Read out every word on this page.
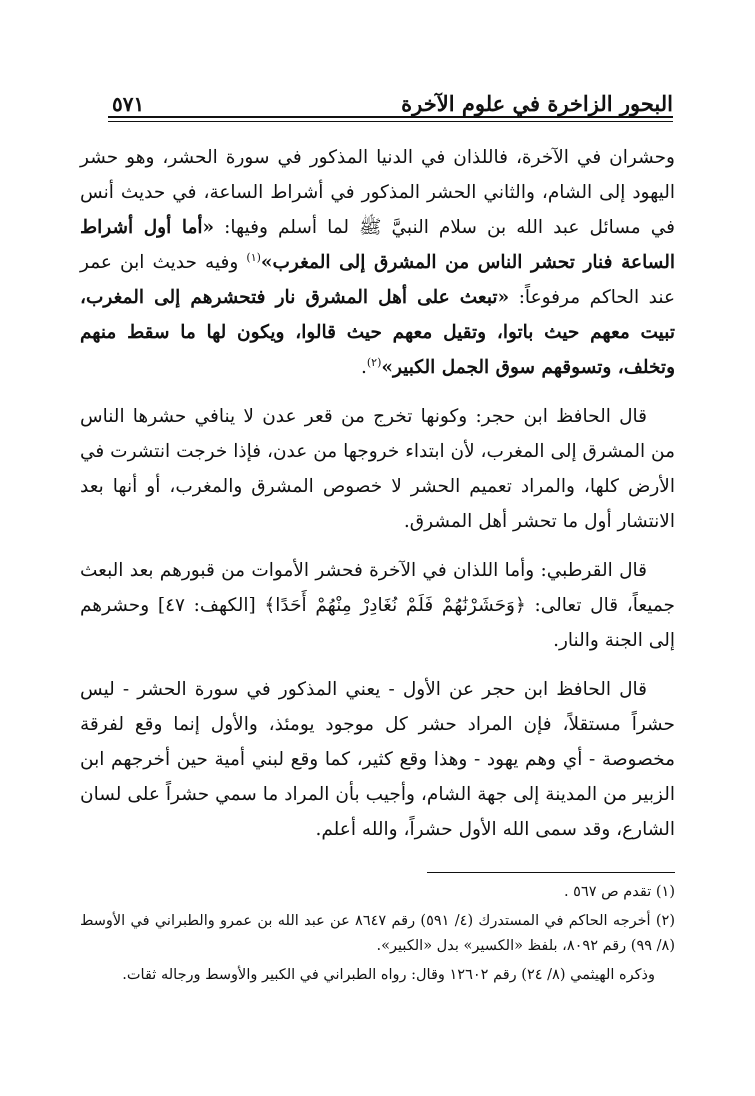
البحور الزاخرة في علوم الآخرة
٥٧١

وحشران في الآخرة، فاللذان في الدنيا المذكور في سورة الحشر، وهو حشر اليهود إلى الشام، والثاني الحشر المذكور في أشراط الساعة، في حديث أنس في مسائل عبد الله بن سلام النبيَّ ﷺ لما أسلم وفيها: «أما أول أشراط الساعة فنار تحشر الناس من المشرق إلى المغرب»$^{(١)}$ وفيه حديث ابن عمر عند الحاكم مرفوعاً: «تبعث على أهل المشرق نار فتحشرهم إلى المغرب، تبيت معهم حيث باتوا، وتقيل معهم حيث قالوا، ويكون لها ما سقط منهم وتخلف، وتسوقهم سوق الجمل الكبير»$^{(٢)}$.

قال الحافظ ابن حجر: وكونها تخرج من قعر عدن لا ينافي حشرها الناس من المشرق إلى المغرب، لأن ابتداء خروجها من عدن، فإذا خرجت انتشرت في الأرض كلها، والمراد تعميم الحشر لا خصوص المشرق والمغرب، أو أنها بعد الانتشار أول ما تحشر أهل المشرق.

قال القرطبي: وأما اللذان في الآخرة فحشر الأموات من قبورهم بعد البعث جميعاً، قال تعالى: ﴿وَحَشَرْنَٰهُمْ فَلَمْ نُغَادِرْ مِنْهُمْ أَحَدًا﴾ [الكهف: ٤٧] وحشرهم إلى الجنة والنار.

قال الحافظ ابن حجر عن الأول - يعني المذكور في سورة الحشر - ليس حشراً مستقلاً، فإن المراد حشر كل موجود يومئذ، والأول إنما وقع لفرقة مخصوصة - أي وهم يهود - وهذا وقع كثير، كما وقع لبني أمية حين أخرجهم ابن الزبير من المدينة إلى جهة الشام، وأجيب بأن المراد ما سمي حشراً على لسان الشارع، وقد سمى الله الأول حشراً، والله أعلم.

(١) تقدم ص ٥٦٧ .

(٢) أخرجه الحاكم في المستدرك (٤/ ٥٩١) رقم ٨٦٤٧ عن عبد الله بن عمرو والطبراني في الأوسط (٨/ ٩٩) رقم ٨٠٩٢، بلفظ «الكسير» بدل «الكبير».

وذكره الهيثمي (٨/ ٢٤) رقم ١٢٦٠٢ وقال: رواه الطبراني في الكبير والأوسط ورجاله ثقات.
